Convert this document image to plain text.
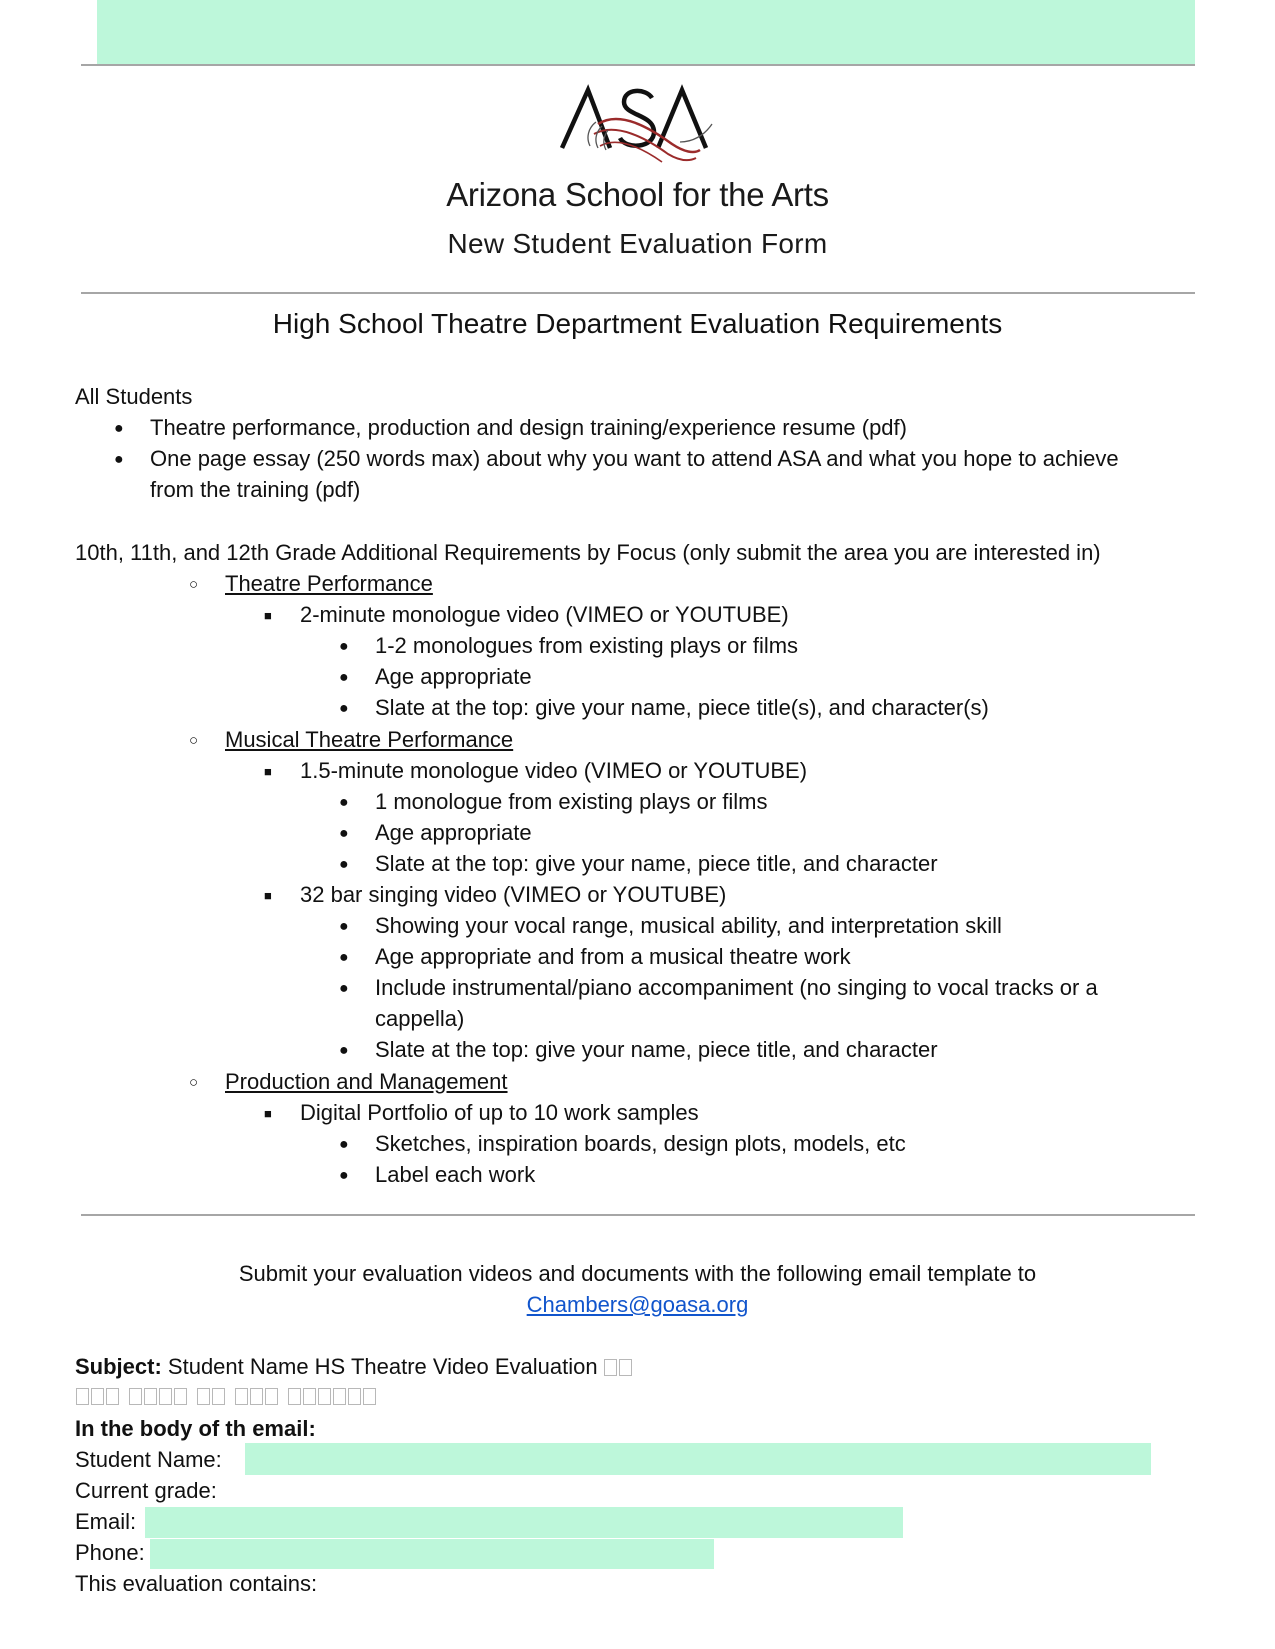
Arizona School for the Arts
New Student Evaluation Form
High School Theatre Department Evaluation Requirements
All Students
● Theatre performance, production and design training/experience resume (pdf)
● One page essay (250 words max) about why you want to attend ASA and what you hope to achieve
from the training (pdf)
10th, 11th, and 12th Grade Additional Requirements by Focus (only submit the area you are interested in)
○ Theatre Performance
■ 2-minute monologue video (VIMEO or YOUTUBE)
● 1-2 monologues from existing plays or films
● Age appropriate
● Slate at the top: give your name, piece title(s), and character(s)
○ Musical Theatre Performance
■ 1.5-minute monologue video (VIMEO or YOUTUBE)
● 1 monologue from existing plays or films
● Age appropriate
● Slate at the top: give your name, piece title, and character
■ 32 bar singing video (VIMEO or YOUTUBE)
● Showing your vocal range, musical ability, and interpretation skill
● Age appropriate and from a musical theatre work
● Include instrumental/piano accompaniment (no singing to vocal tracks or a
cappella)
● Slate at the top: give your name, piece title, and character
○ Production and Management
■ Digital Portfolio of up to 10 work samples
● Sketches, inspiration boards, design plots, models, etc
● Label each work
Submit your evaluation videos and documents with the following email template to
Chambers@goasa.org
Subject: Student Name HS Theatre Video Evaluation
In the body of th email:
Student Name:
Current grade:
Email:
Phone:
This evaluation contains:
